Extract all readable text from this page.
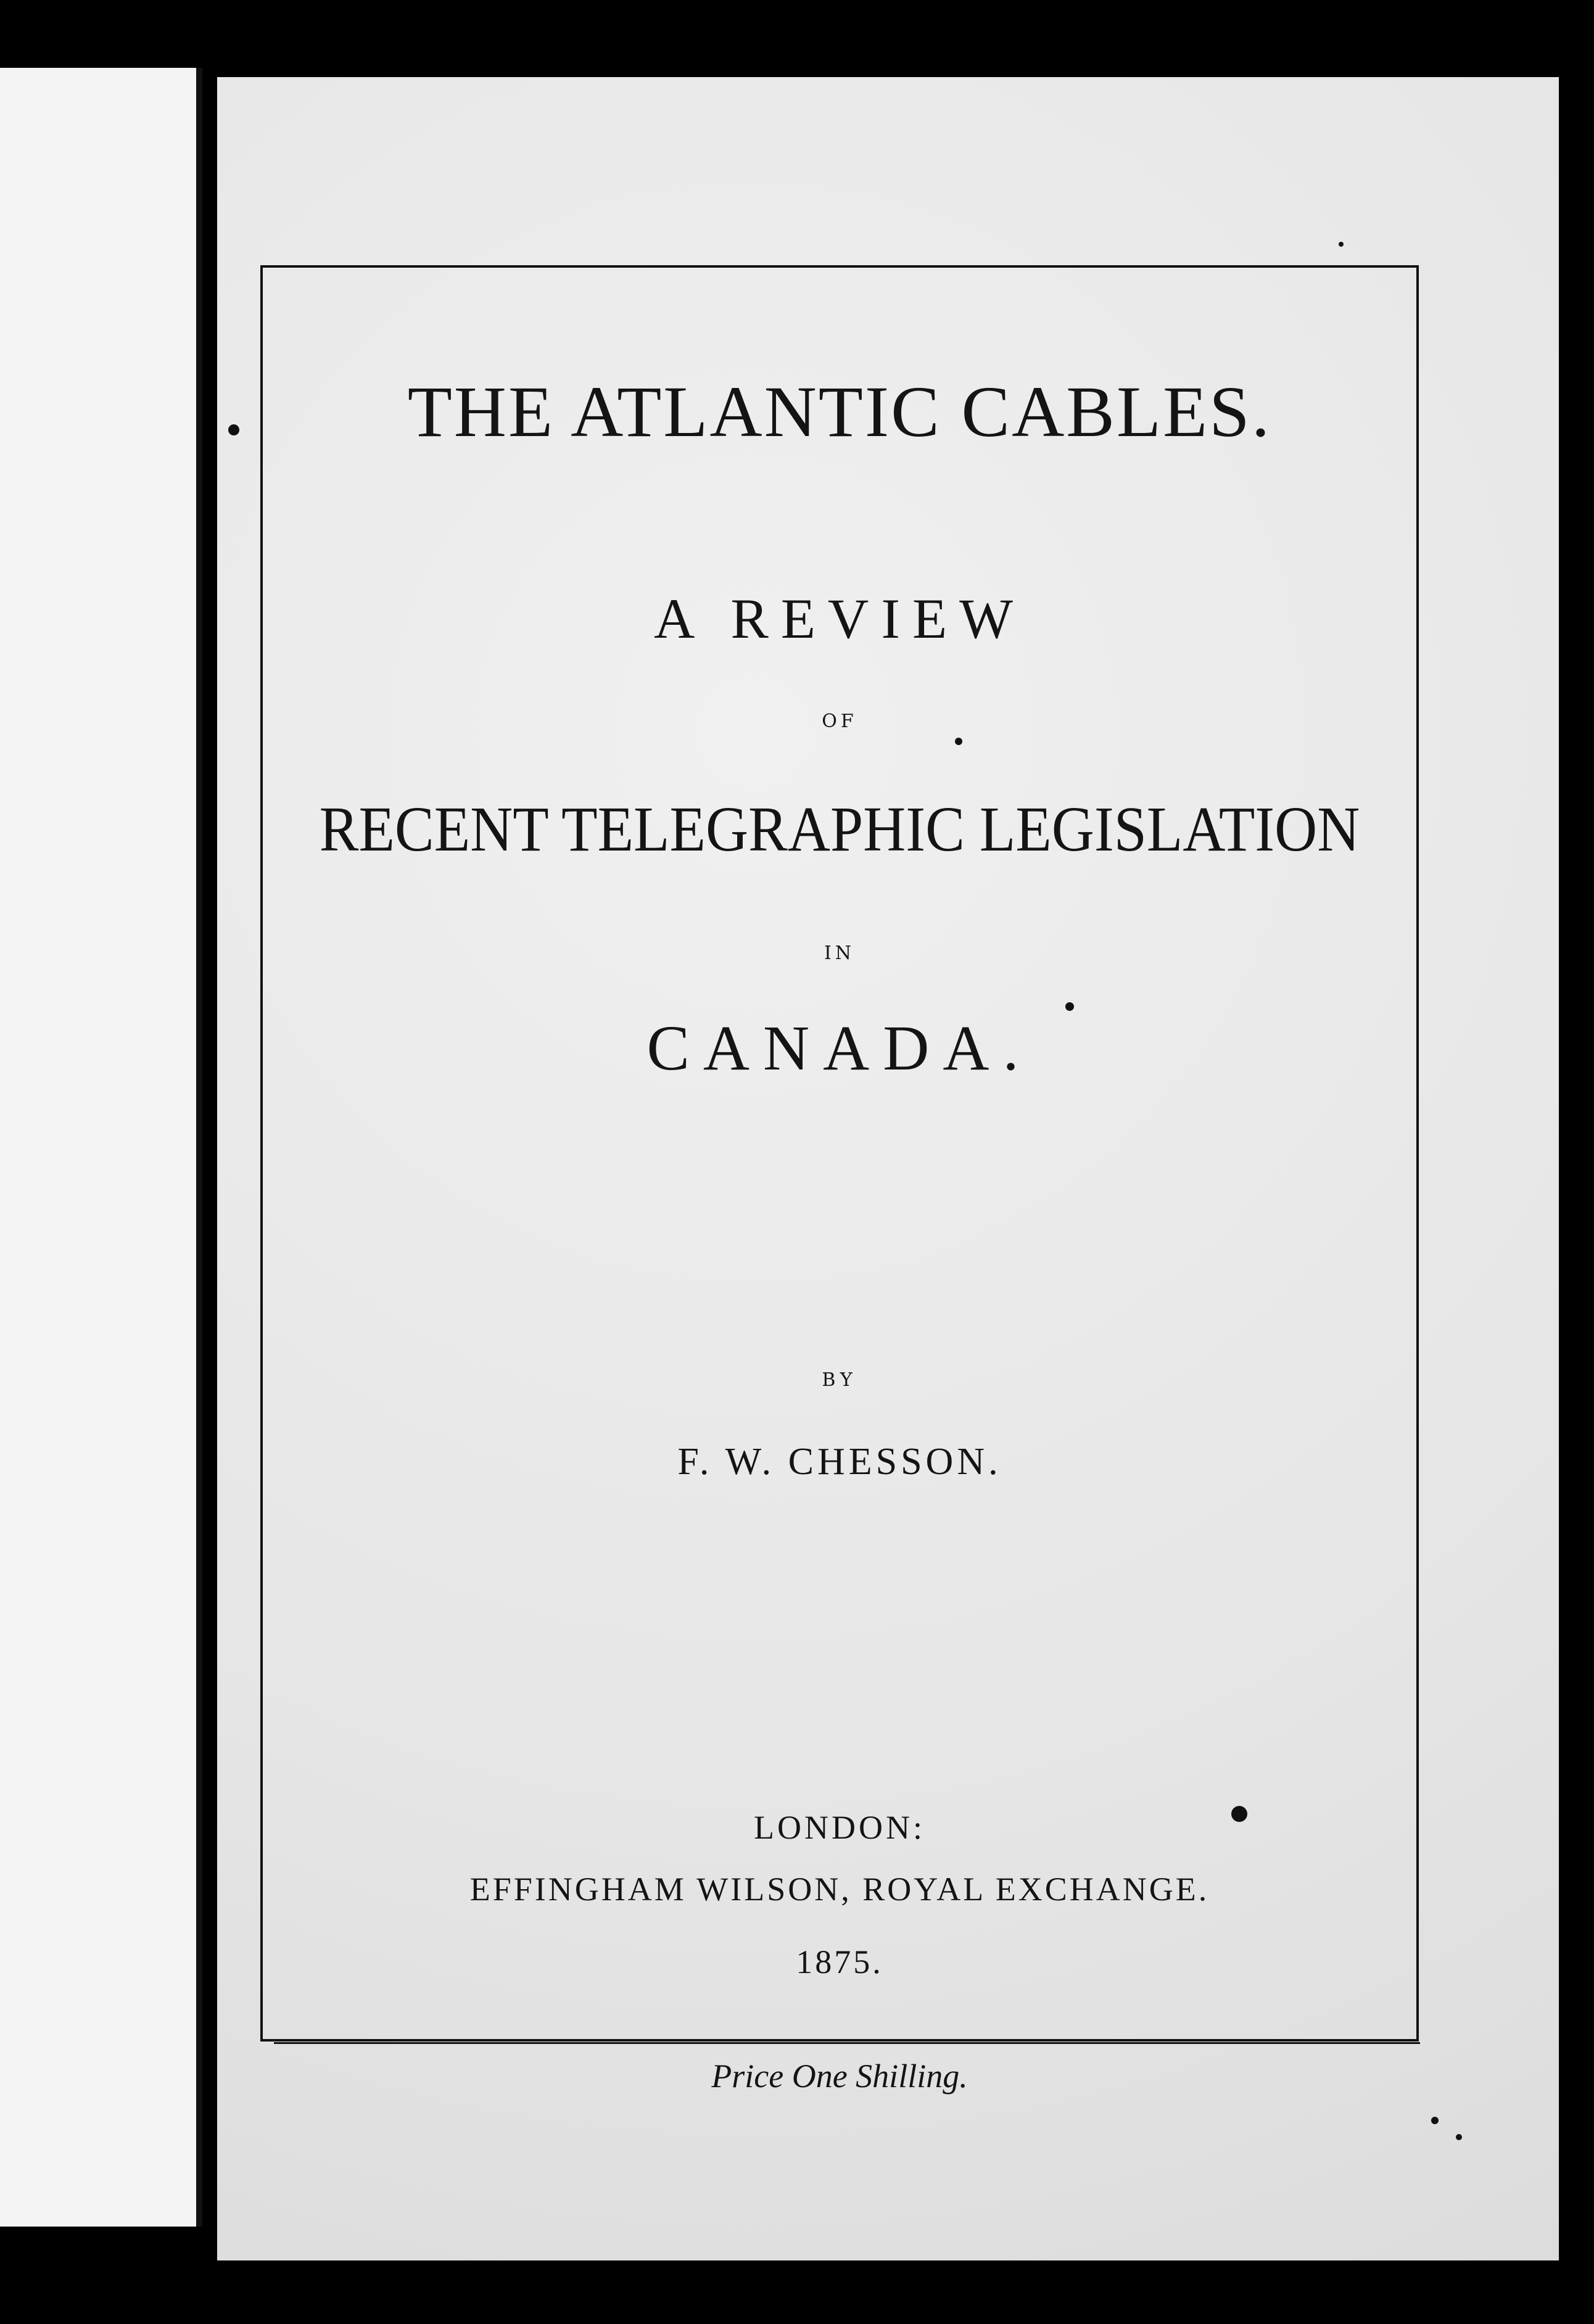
THE ATLANTIC CABLES.

A REVIEW

OF

RECENT TELEGRAPHIC LEGISLATION

IN

CANADA.

BY

F. W. CHESSON.

LONDON:

EFFINGHAM WILSON, ROYAL EXCHANGE.

1875.

Price One Shilling.
